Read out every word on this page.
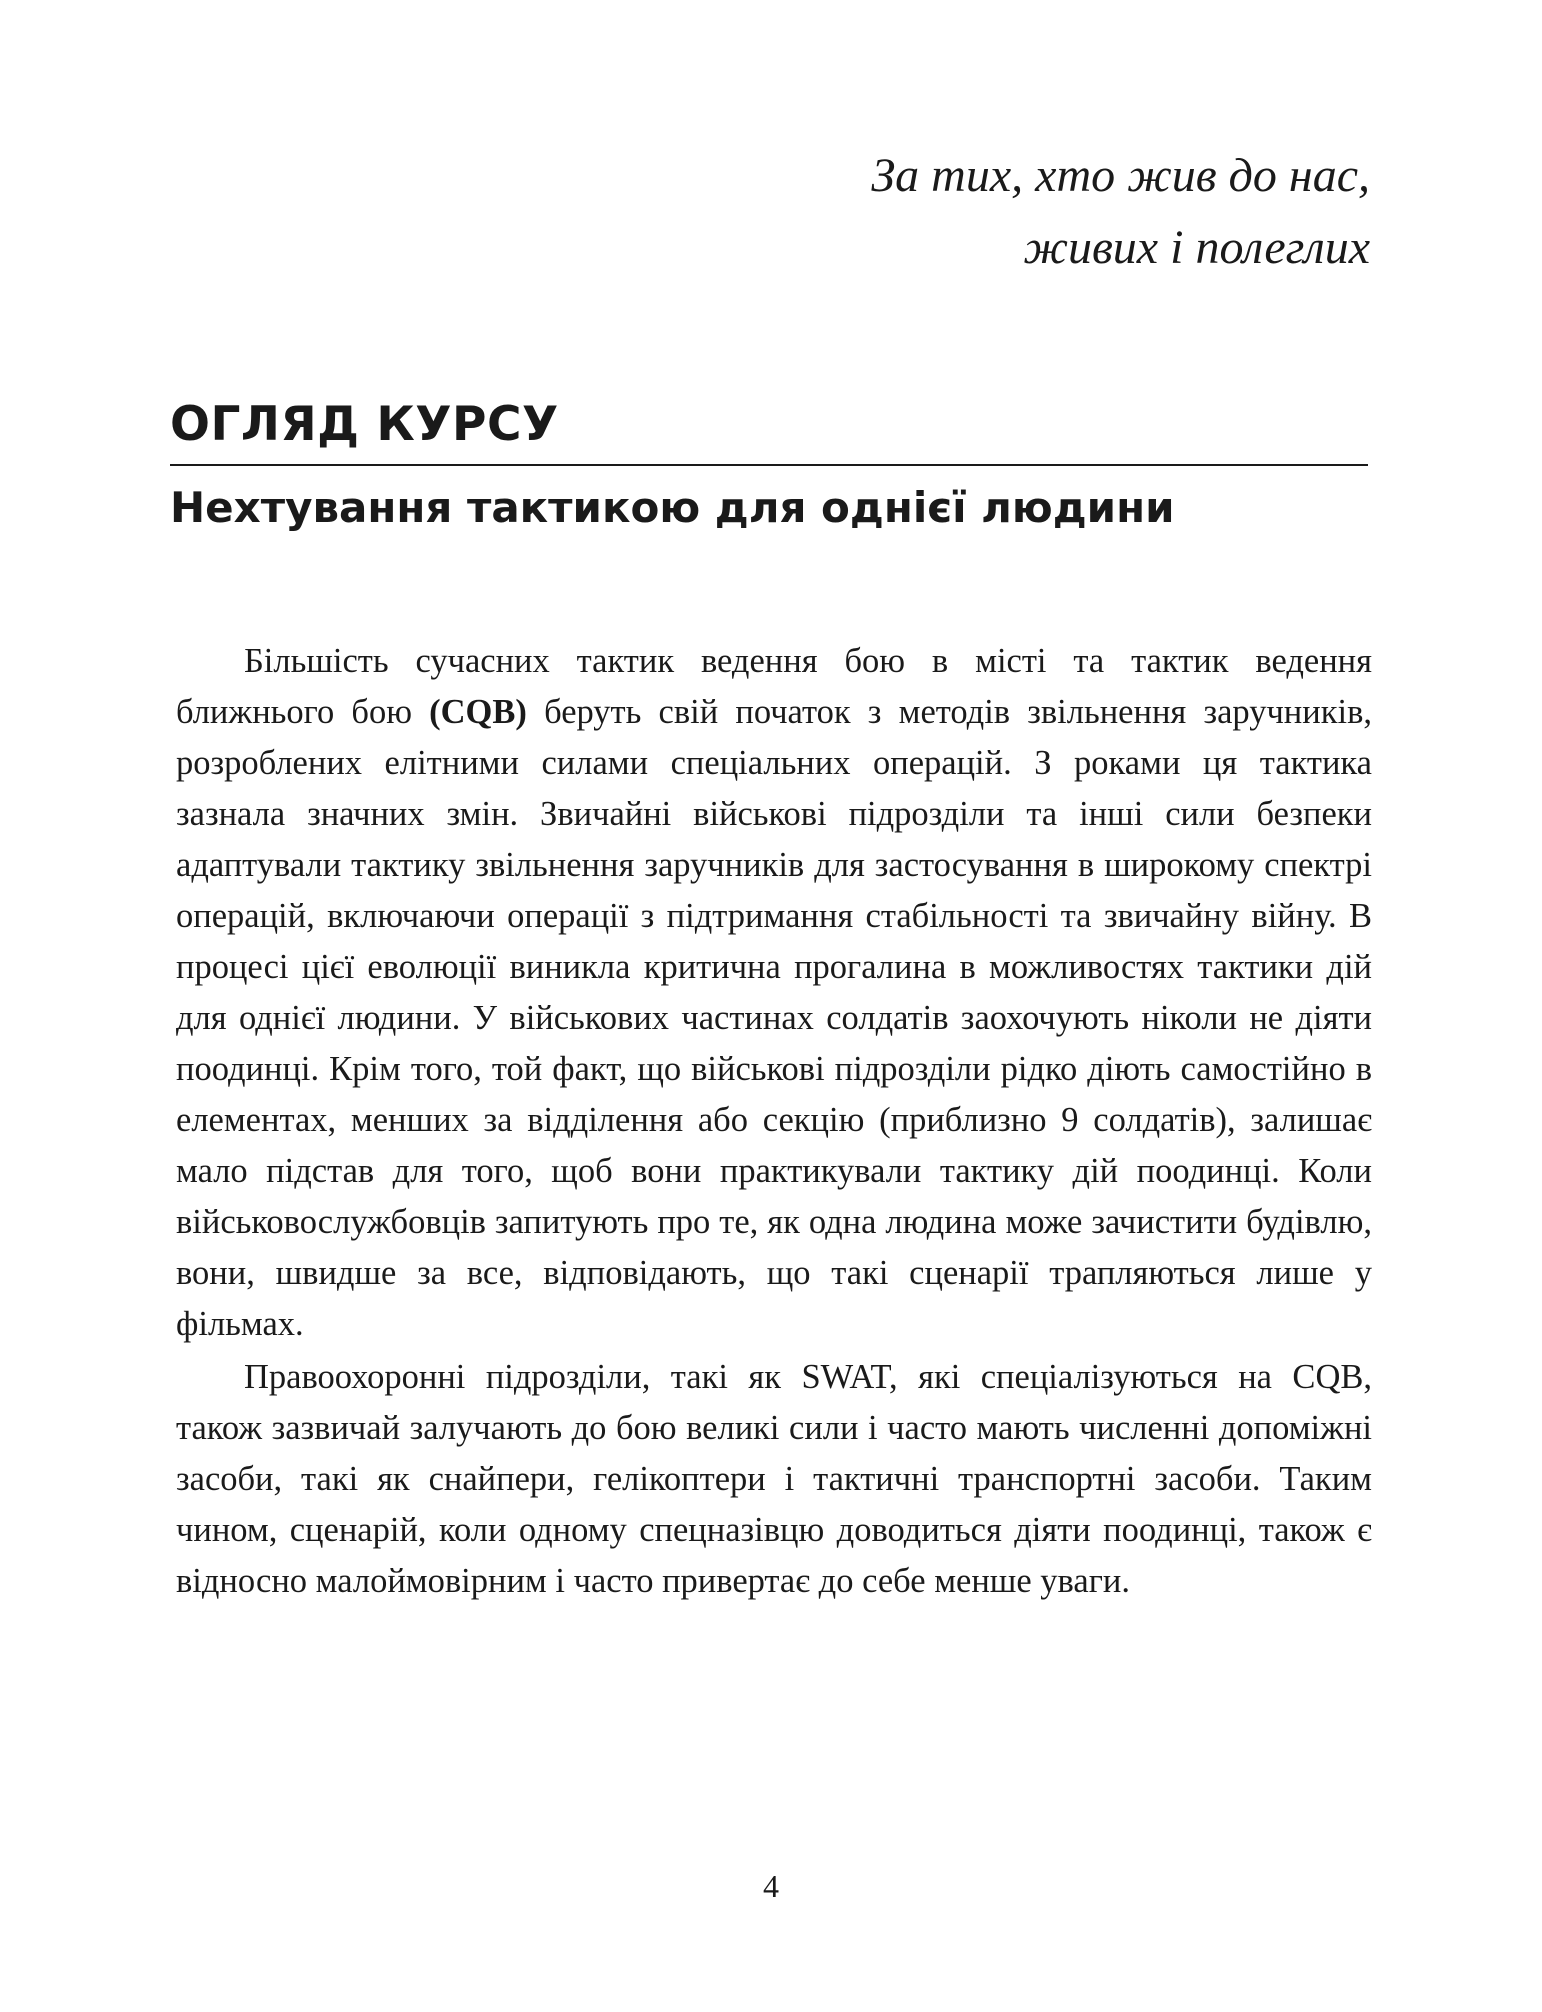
За тих, хто жив до нас,
живих і полеглих
ОГЛЯД КУРСУ
Нехтування тактикою для однієї людини

Більшість сучасних тактик ведення бою в місті та тактик ведення ближнього бою (CQB) беруть свій початок з методів звільнення заручників, розроблених елітними силами спеціальних операцій. З роками ця тактика зазнала значних змін. Звичайні військові підрозділи та інші сили безпеки адаптували тактику звільнення заручників для застосування в широкому спектрі операцій, включаючи операції з підтримання стабільності та звичайну війну. В процесі цієї еволюції виникла критична прогалина в можливостях тактики дій для однієї людини. У військових частинах солдатів заохочують ніколи не діяти поодинці. Крім того, той факт, що військові підрозділи рідко діють самостійно в елементах, менших за відділення або секцію (приблизно 9 солдатів), залишає мало підстав для того, щоб вони практикували тактику дій поодинці. Коли військовослужбовців запитують про те, як одна людина може зачистити будівлю, вони, швидше за все, відповідають, що такі сценарії трапляються лише у фільмах.

Правоохоронні підрозділи, такі як SWAT, які спеціалізуються на CQB, також зазвичай залучають до бою великі сили і часто мають численні допоміжні засоби, такі як снайпери, гелікоптери і тактичні транспортні засоби. Таким чином, сценарій, коли одному спецназівцю доводиться діяти поодинці, також є відносно малоймовірним і часто привертає до себе менше уваги.

4
